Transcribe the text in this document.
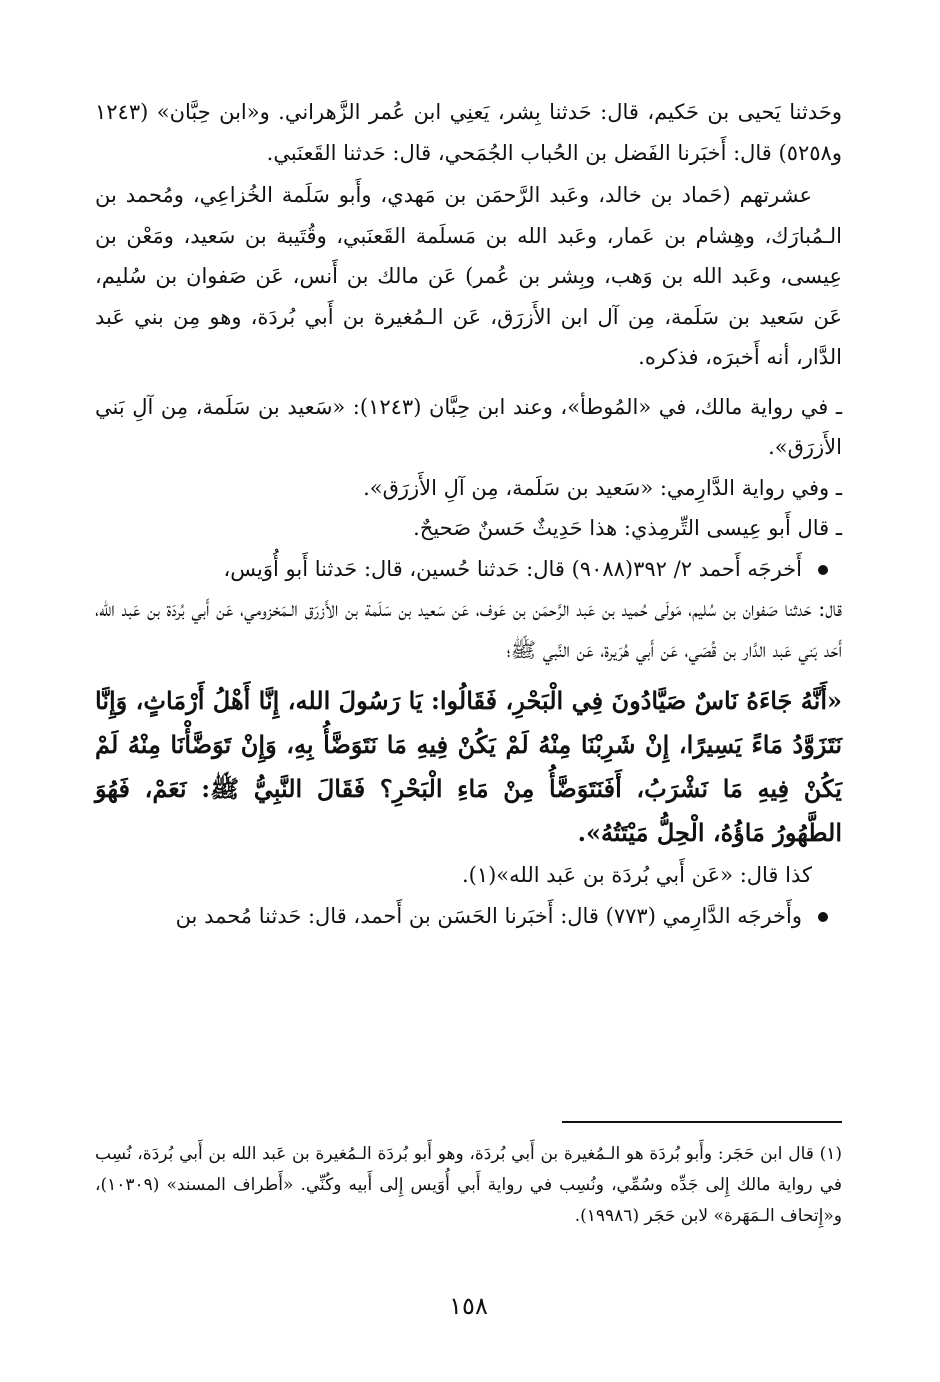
وحَدثنا يَحيى بن حَكيم، قال: حَدثنا بِشر، يَعنِي ابن عُمر الزَّهراني. و«ابن حِبَّان» (١٢٤٣ و٥٢٥٨) قال: أَخبَرنا الفَضل بن الحُباب الجُمَحي، قال: حَدثنا القَعنَبي.

عشرتهم (حَماد بن خالد، وعَبد الرَّحمَن بن مَهدي، وأَبو سَلَمة الخُزاعِي، ومُحمد بن الـمُبارَك، وهِشام بن عَمار، وعَبد الله بن مَسلَمة القَعنَبي، وقُتَيبة بن سَعيد، ومَعْن بن عِيسى، وعَبد الله بن وَهب، وبِشر بن عُمر) عَن مالك بن أَنس، عَن صَفوان بن سُليم، عَن سَعيد بن سَلَمة، مِن آل ابن الأَزرَق، عَن الـمُغيرة بن أَبي بُردَة، وهو مِن بني عَبد الدَّار، أنه أَخبرَه، فذكره.

ـ في رواية مالك، في «المُوطأ»، وعند ابن حِبَّان (١٢٤٣): «سَعيد بن سَلَمة، مِن آلِ بَني الأَزرَق».

ـ وفي رواية الدَّارِمي: «سَعيد بن سَلَمة، مِن آلِ الأَزرَق».

ـ قال أَبو عِيسى التِّرمِذي: هذا حَدِيثٌ حَسنٌ صَحيحٌ.

أَخرجَه أَحمد ٢/ ٣٩٢(٩٠٨٨) قال: حَدثنا حُسين، قال: حَدثنا أَبو أُوَيس،

قال: حَدثنا صَفوان بن سُليم، مَولَى حُميد بن عَبد الرَّحمَن بن عَوف، عَن سَعيد بن سَلَمة بن الأَزرَق الـمَخزومي، عَن أَبي بُردَة بن عَبد الله، أَحَد بَني عَبد الدَّار بن قُصَي، عَن أَبي هُرَيرة، عَن النَّبي ﷺ؛

«أَنَّهُ جَاءَهُ نَاسٌ صَيَّادُونَ فِي الْبَحْرِ، فَقَالُوا: يَا رَسُولَ الله، إِنَّا أَهْلُ أَرْمَاثٍ، وَإِنَّا نَتَزَوَّدُ مَاءً يَسِيرًا، إِنْ شَرِبْنَا مِنْهُ لَمْ يَكُنْ فِيهِ مَا نَتَوَضَّأُ بِهِ، وَإِنْ تَوَضَّأْنَا مِنْهُ لَمْ يَكُنْ فِيهِ مَا نَشْرَبُ، أَفَنَتَوَضَّأُ مِنْ مَاءِ الْبَحْرِ؟ فَقَالَ النَّبِيُّ ﷺ: نَعَمْ، فَهُوَ الطَّهُورُ مَاؤُهُ، الْحِلُّ مَيْتَتُهُ».

كذا قال: «عَن أَبي بُردَة بن عَبد الله»(١).

وأَخرجَه الدَّارِمي (٧٧٣) قال: أَخبَرنا الحَسَن بن أَحمد، قال: حَدثنا مُحمد بن

(١) قال ابن حَجَر: وأَبو بُردَة هو الـمُغيرة بن أَبي بُردَة، وهو أَبو بُردَة الـمُغيرة بن عَبد الله بن أَبي بُردَة، نُسِب في رواية مالك إِلى جَدِّه وسُمِّي، ونُسِب في رواية أَبي أُوَيس إِلى أَبيه وكُنِّي. «أَطراف المسند» (١٠٣٠٩)، و«إِتحاف الـمَهَرة» لابن حَجَر (١٩٩٨٦).

١٥٨
